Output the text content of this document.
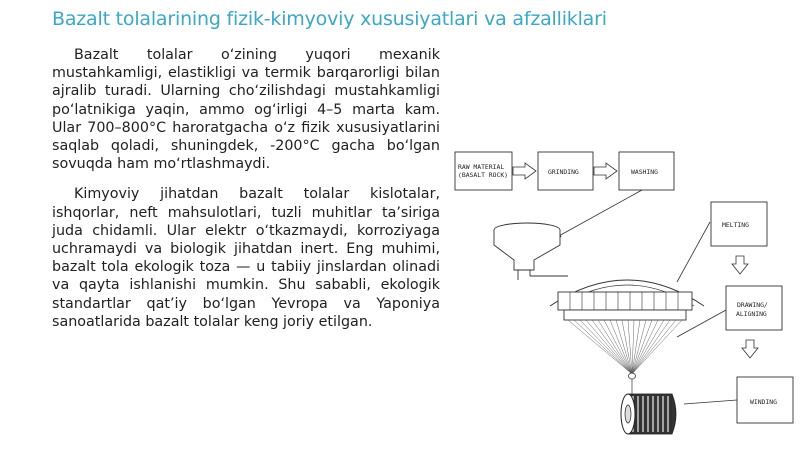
Bazalt tolalarining fizik-kimyoviy xususiyatlari va afzalliklari

Bazalt tolalar o‘zining yuqori mexanik mustahkamligi, elastikligi va termik barqarorligi bilan ajralib turadi. Ularning cho‘zilishdagi mustahkamligi po‘latnikiga yaqin, ammo og‘irligi 4–5 marta kam. Ular 700–800°C haroratgacha o‘z fizik xususiyatlarini saqlab qoladi, shuningdek, -200°C gacha bo‘lgan sovuqda ham mo‘rtlashmaydi.

Kimyoviy jihatdan bazalt tolalar kislotalar, ishqorlar, neft mahsulotlari, tuzli muhitlar ta’siriga juda chidamli. Ular elektr o‘tkazmaydi, korroziyaga uchramaydi va biologik jihatdan inert. Eng muhimi, bazalt tola ekologik toza — u tabiiy jinslardan olinadi va qayta ishlanishi mumkin. Shu sababli, ekologik standartlar qat’iy bo‘lgan Yevropa va Yaponiya sanoatlarida bazalt tolalar keng joriy etilgan.

RAW MATERIAL
(BASALT ROCK)	GRINDING	WASHING
MELTING
DRAWING/
ALIGNING
WINDING
